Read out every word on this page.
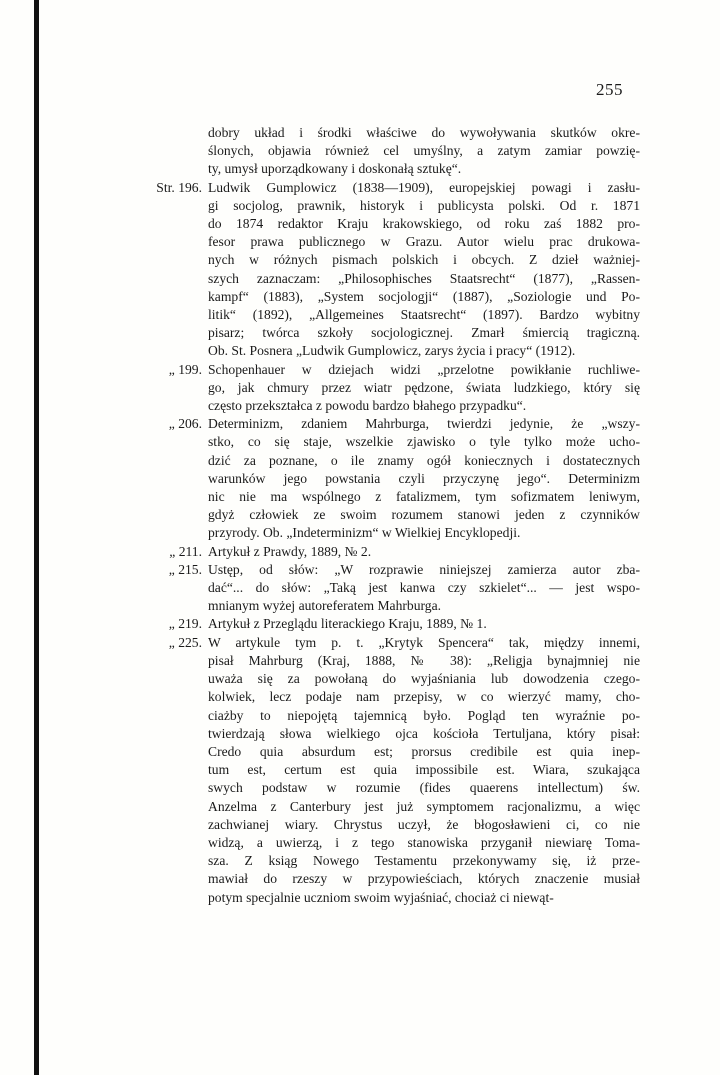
255
dobry układ i środki właściwe do wywoływania skutków okre-
ślonych, objawia również cel umyślny, a zatym zamiar powzię-
ty, umysł uporządkowany i doskonałą sztukę“.
Str. 196. Ludwik Gumplowicz (1838—1909), europejskiej powagi i zasłu-
gi socjolog, prawnik, historyk i publicysta polski. Od r. 1871
do 1874 redaktor Kraju krakowskiego, od roku zaś 1882 pro-
fesor prawa publicznego w Grazu. Autor wielu prac drukowa-
nych w różnych pismach polskich i obcych. Z dzieł ważniej-
szych zaznaczam: „Philosophisches Staatsrecht“ (1877), „Rassen-
kampf“ (1883), „System socjologji“ (1887), „Soziologie und Po-
litik“ (1892), „Allgemeines Staatsrecht“ (1897). Bardzo wybitny
pisarz; twórca szkoły socjologicznej. Zmarł śmiercią tragiczną.
Ob. St. Posnera „Ludwik Gumplowicz, zarys życia i pracy“ (1912).
„ 199. Schopenhauer w dziejach widzi „przelotne powikłanie ruchliwe-
go, jak chmury przez wiatr pędzone, świata ludzkiego, który się
często przekształca z powodu bardzo błahego przypadku“.
„ 206. Determinizm, zdaniem Mahrburga, twierdzi jedynie, że „wszy-
stko, co się staje, wszelkie zjawisko o tyle tylko może ucho-
dzić za poznane, o ile znamy ogół koniecznych i dostatecznych
warunków jego powstania czyli przyczynę jego“. Determinizm
nic nie ma wspólnego z fatalizmem, tym sofizmatem leniwym,
gdyż człowiek ze swoim rozumem stanowi jeden z czynników
przyrody. Ob. „Indeterminizm“ w Wielkiej Encyklopedji.
„ 211. Artykuł z Prawdy, 1889, № 2.
„ 215. Ustęp, od słów: „W rozprawie niniejszej zamierza autor zba-
dać“... do słów: „Taką jest kanwa czy szkielet“... — jest wspo-
mnianym wyżej autoreferatem Mahrburga.
„ 219. Artykuł z Przeglądu literackiego Kraju, 1889, № 1.
„ 225. W artykule tym p. t. „Krytyk Spencera“ tak, między innemi,
pisał Mahrburg (Kraj, 1888, № 38): „Religja bynajmniej nie
uważa się za powołaną do wyjaśniania lub dowodzenia czego-
kolwiek, lecz podaje nam przepisy, w co wierzyć mamy, cho-
ciażby to niepojętą tajemnicą było. Pogląd ten wyraźnie po-
twierdzają słowa wielkiego ojca kościoła Tertuljana, który pisał:
Credo quia absurdum est; prorsus credibile est quia inep-
tum est, certum est quia impossibile est. Wiara, szukająca
swych podstaw w rozumie (fides quaerens intellectum) św.
Anzelma z Canterbury jest już symptomem racjonalizmu, a więc
zachwianej wiary. Chrystus uczył, że błogosławieni ci, co nie
widzą, a uwierzą, i z tego stanowiska przyganił niewiarę Toma-
sza. Z ksiąg Nowego Testamentu przekonywamy się, iż prze-
mawiał do rzeszy w przypowieściach, których znaczenie musiał
potym specjalnie uczniom swoim wyjaśniać, chociaż ci niewąt-
